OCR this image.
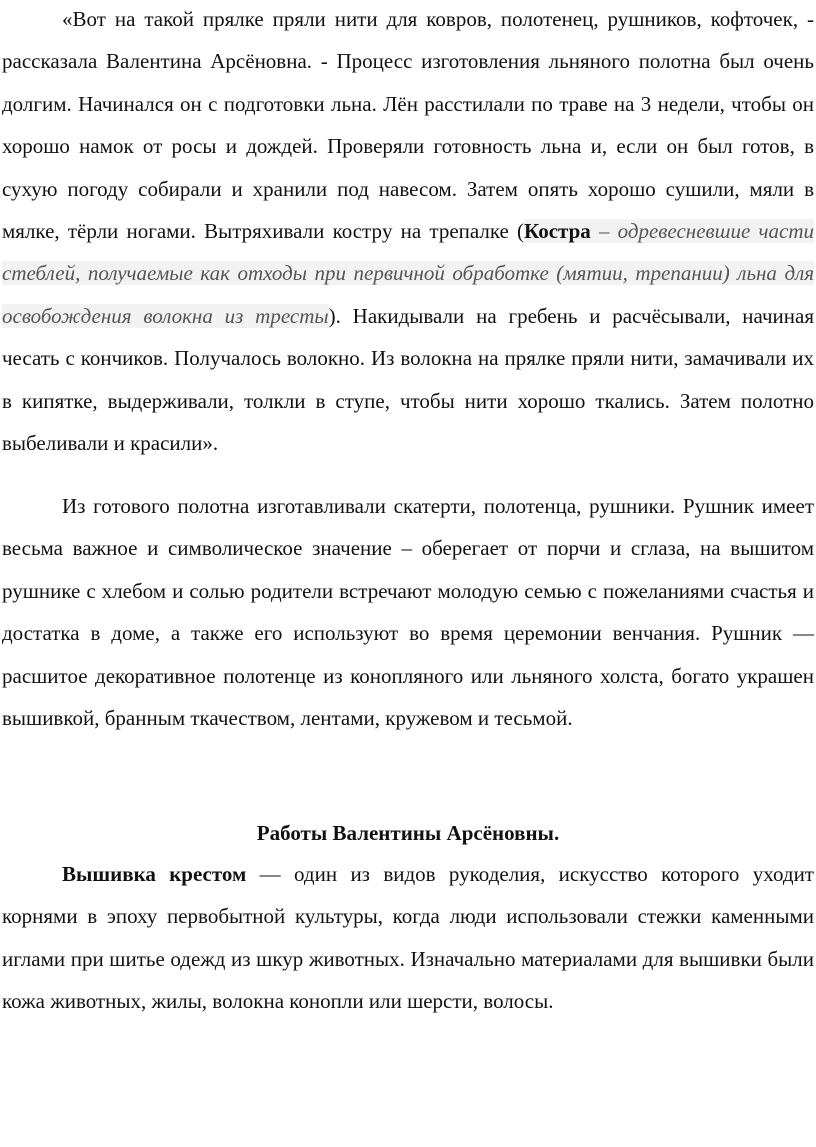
«Вот на такой прялке пряли нити для ковров, полотенец, рушников, кофточек, - рассказала Валентина Арсёновна. - Процесс изготовления льняного полотна был очень долгим. Начинался он с подготовки льна. Лён расстилали по траве на 3 недели, чтобы он хорошо намок от росы и дождей. Проверяли готовность льна и, если он был готов, в сухую погоду собирали и хранили под навесом. Затем опять хорошо сушили, мяли в мялке, тёрли ногами. Вытряхивали кострy на трепалке (Костра – одревесневшие части стеблей, получаемые как отходы при первичной обработке (мятии, трепании) льна для освобождения волокна из тресты). Накидывали на гребень и расчёсывали, начиная чесать с кончиков. Получалось волокно. Из волокна на прялке пряли нити, замачивали их в кипятке, выдерживали, толкли в ступе, чтобы нити хорошо ткались. Затем полотно выбеливали и красили».

Из готового полотна изготавливали скатерти, полотенца, рушники. Рушник имеет весьма важное и символическое значение – оберегает от порчи и сглаза, на вышитом рушнике с хлебом и солью родители встречают молодую семью с пожеланиями счастья и достатка в доме, а также его используют во время церемонии венчания. Рушник — расшитое декоративное полотенце из конопляного или льняного холста, богато украшен вышивкой, бранным ткачеством, лентами, кружевом и тесьмой.

Работы Валентины Арсёновны.

Вышивка крестом — один из видов рукоделия, искусство которого уходит корнями в эпоху первобытной культуры, когда люди использовали стежки каменными иглами при шитье одежд из шкур животных. Изначально материалами для вышивки были кожа животных, жилы, волокна конопли или шерсти, волосы.
